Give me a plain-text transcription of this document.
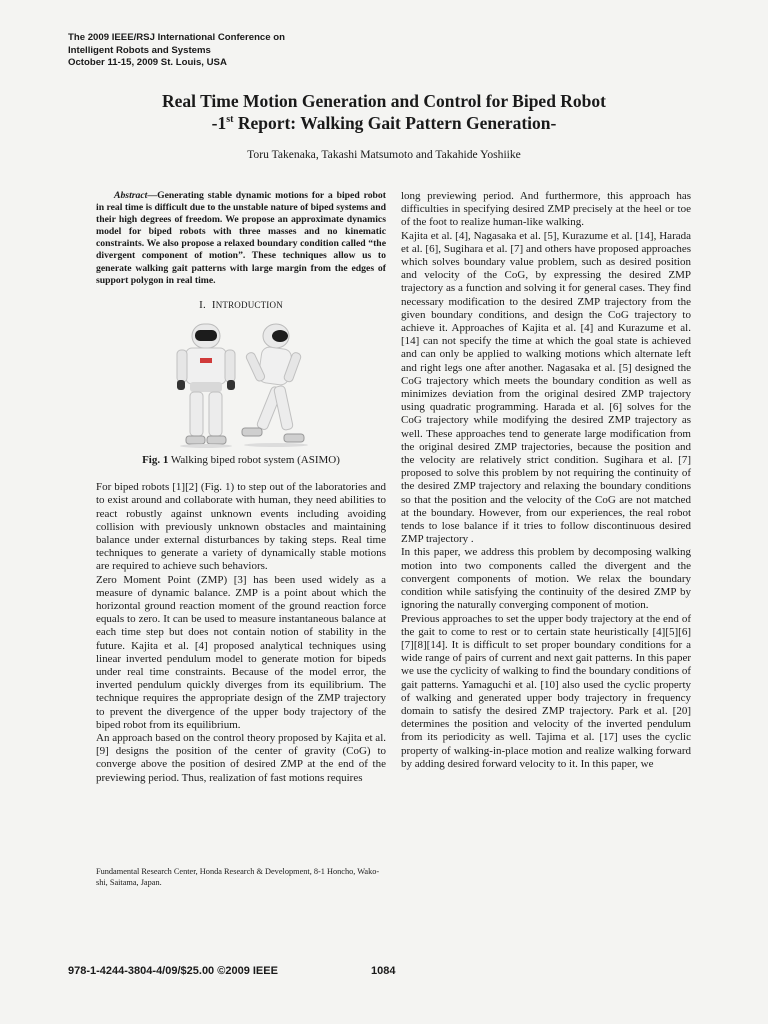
The 2009 IEEE/RSJ International Conference on
Intelligent Robots and Systems
October 11-15, 2009 St. Louis, USA
Real Time Motion Generation and Control for Biped Robot
-1st Report: Walking Gait Pattern Generation-
Toru Takenaka, Takashi Matsumoto and Takahide Yoshiike

Abstract—Generating stable dynamic motions for a biped robot in real time is difficult due to the unstable nature of biped systems and their high degrees of freedom. We propose an approximate dynamics model for biped robots with three masses and no kinematic constraints. We also propose a relaxed boundary condition called “the divergent component of motion”. These techniques allow us to generate walking gait patterns with large margin from the edges of support polygon in real time.

I. INTRODUCTION
Fig. 1 Walking biped robot system (ASIMO)

For biped robots [1][2] (Fig. 1) to step out of the laboratories and to exist around and collaborate with human, they need abilities to react robustly against unknown events including avoiding collision with previously unknown obstacles and maintaining balance under external disturbances by taking steps. Real time techniques to generate a variety of dynamically stable motions are required to achieve such behaviors.

Zero Moment Point (ZMP) [3] has been used widely as a measure of dynamic balance. ZMP is a point about which the horizontal ground reaction moment of the ground reaction force equals to zero. It can be used to measure instantaneous balance at each time step but does not contain notion of stability in the future. Kajita et al. [4] proposed analytical techniques using linear inverted pendulum model to generate motion for bipeds under real time constraints. Because of the model error, the inverted pendulum quickly diverges from its equilibrium. The technique requires the appropriate design of the ZMP trajectory to prevent the divergence of the upper body trajectory of the biped robot from its equilibrium.

An approach based on the control theory proposed by Kajita et al. [9] designs the position of the center of gravity (CoG) to converge above the position of desired ZMP at the end of the previewing period. Thus, realization of fast motions requires

long previewing period. And furthermore, this approach has difficulties in specifying desired ZMP precisely at the heel or toe of the foot to realize human-like walking.

Kajita et al. [4], Nagasaka et al. [5], Kurazume et al. [14], Harada et al. [6], Sugihara et al. [7] and others have proposed approaches which solves boundary value problem, such as desired position and velocity of the CoG, by expressing the desired ZMP trajectory as a function and solving it for general cases. They find necessary modification to the desired ZMP trajectory from the given boundary conditions, and design the CoG trajectory to achieve it. Approaches of Kajita et al. [4] and Kurazume et al. [14] can not specify the time at which the goal state is achieved and can only be applied to walking motions which alternate left and right legs one after another. Nagasaka et al. [5] designed the CoG trajectory which meets the boundary condition as well as minimizes deviation from the original desired ZMP trajectory using quadratic programming. Harada et al. [6] solves for the CoG trajectory while modifying the desired ZMP trajectory as well. These approaches tend to generate large modification from the original desired ZMP trajectories, because the position and the velocity are relatively strict condition. Sugihara et al. [7] proposed to solve this problem by not requiring the continuity of the desired ZMP trajectory and relaxing the boundary conditions so that the position and the velocity of the CoG are not matched at the boundary. However, from our experiences, the real robot tends to lose balance if it tries to follow discontinuous desired ZMP trajectory .

In this paper, we address this problem by decomposing walking motion into two components called the divergent and the convergent components of motion. We relax the boundary condition while satisfying the continuity of the desired ZMP by ignoring the naturally converging component of motion.

Previous approaches to set the upper body trajectory at the end of the gait to come to rest or to certain state heuristically [4][5][6][7][8][14]. It is difficult to set proper boundary conditions for a wide range of pairs of current and next gait patterns. In this paper we use the cyclicity of walking to find the boundary conditions of gait patterns. Yamaguchi et al. [10] also used the cyclic property of walking and generated upper body trajectory in frequency domain to satisfy the desired ZMP trajectory. Park et al. [20] determines the position and velocity of the inverted pendulum from its periodicity as well. Tajima et al. [17] uses the cyclic property of walking-in-place motion and realize walking forward by adding desired forward velocity to it. In this paper, we

Fundamental Research Center, Honda Research & Development, 8-1 Honcho, Wako-shi, Saitama, Japan.
978-1-4244-3804-4/09/$25.00 ©2009 IEEE	1084
